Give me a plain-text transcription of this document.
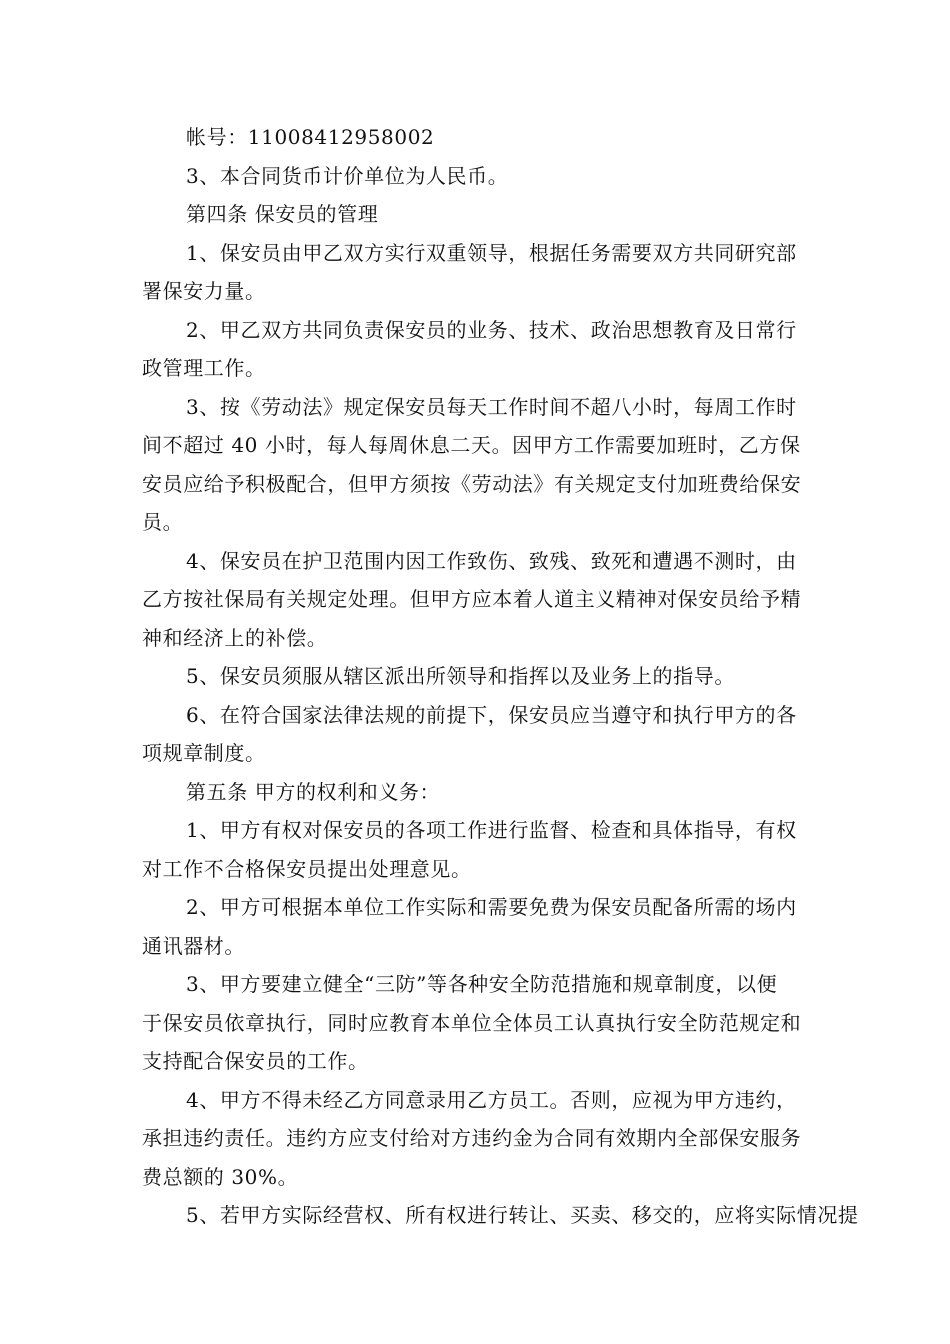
帐号：11008412958002
3、本合同货币计价单位为人民币。
第四条 保安员的管理
1、保安员由甲乙双方实行双重领导，根据任务需要双方共同研究部
署保安力量。
2、甲乙双方共同负责保安员的业务、技术、政治思想教育及日常行
政管理工作。
3、按《劳动法》规定保安员每天工作时间不超八小时，每周工作时
间不超过 40 小时，每人每周休息二天。因甲方工作需要加班时，乙方保
安员应给予积极配合，但甲方须按《劳动法》有关规定支付加班费给保安
员。
4、保安员在护卫范围内因工作致伤、致残、致死和遭遇不测时，由
乙方按社保局有关规定处理。但甲方应本着人道主义精神对保安员给予精
神和经济上的补偿。
5、保安员须服从辖区派出所领导和指挥以及业务上的指导。
6、在符合国家法律法规的前提下，保安员应当遵守和执行甲方的各
项规章制度。
第五条 甲方的权利和义务：
1、甲方有权对保安员的各项工作进行监督、检查和具体指导，有权
对工作不合格保安员提出处理意见。
2、甲方可根据本单位工作实际和需要免费为保安员配备所需的场内
通讯器材。
3、甲方要建立健全“三防”等各种安全防范措施和规章制度，以便
于保安员依章执行，同时应教育本单位全体员工认真执行安全防范规定和
支持配合保安员的工作。
4、甲方不得未经乙方同意录用乙方员工。否则，应视为甲方违约，
承担违约责任。违约方应支付给对方违约金为合同有效期内全部保安服务
费总额的 30%。
5、若甲方实际经营权、所有权进行转让、买卖、移交的，应将实际情况提
